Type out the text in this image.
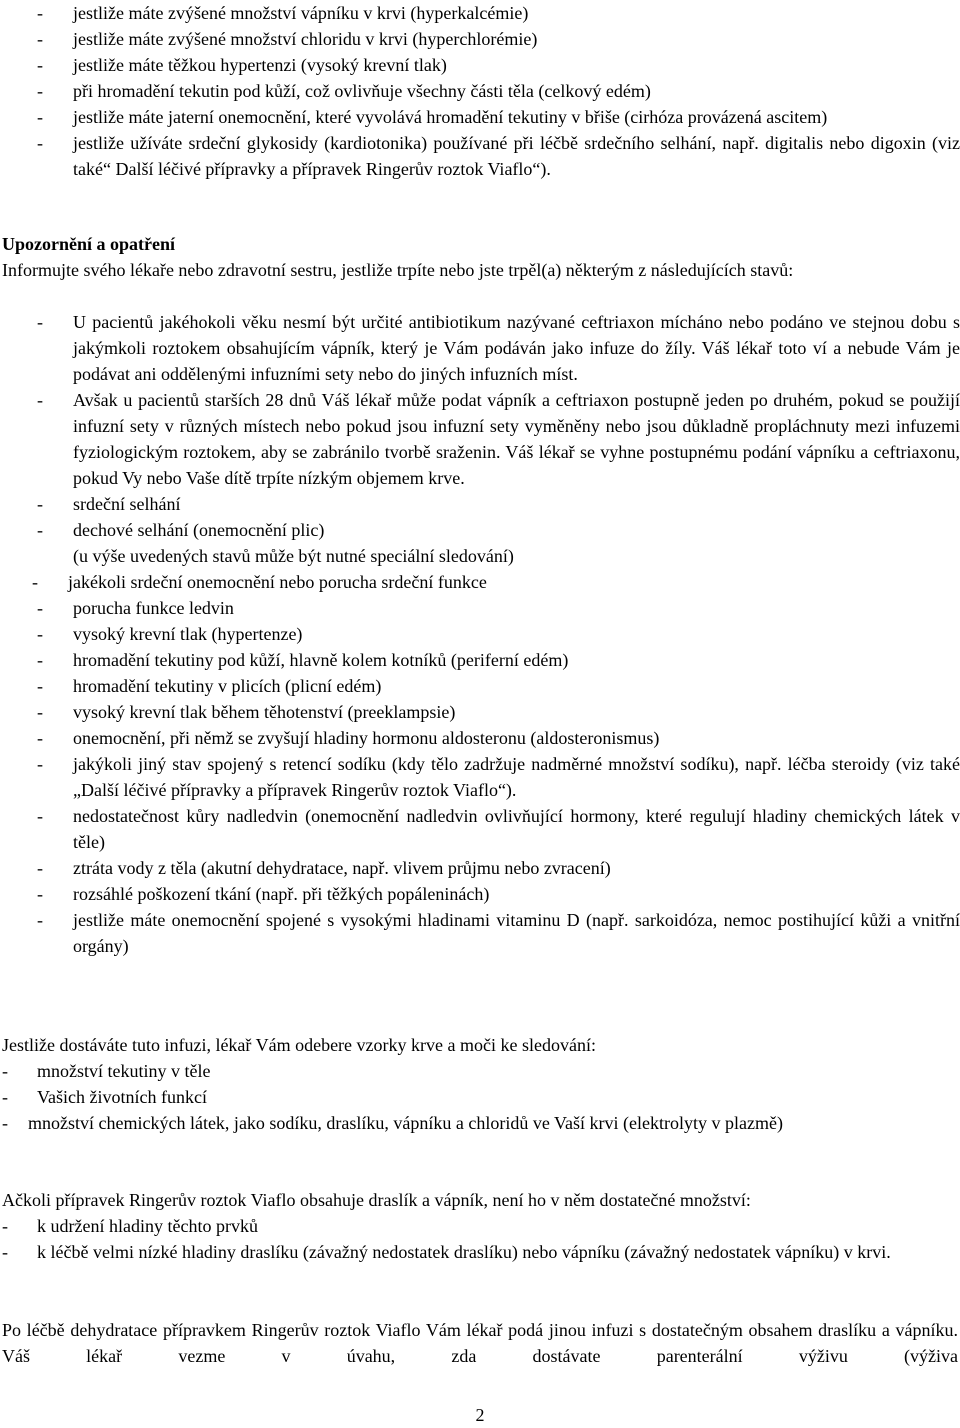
- jestliže máte zvýšené množství vápníku v krvi (hyperkalcémie)
- jestliže máte zvýšené množství chloridu v krvi (hyperchlorémie)
- jestliže máte těžkou hypertenzi (vysoký krevní tlak)
- při hromadění tekutin pod kůží, což ovlivňuje všechny části těla (celkový edém)
- jestliže máte jaterní onemocnění, které vyvolává hromadění tekutiny v břiše (cirhóza provázená ascitem)
- jestliže užíváte srdeční glykosidy (kardiotonika) používané při léčbě srdečního selhání, např. digitalis nebo digoxin (viz také“ Další léčivé přípravky a přípravek Ringerův roztok Viaflo“).
Upozornění a opatření
Informujte svého lékaře nebo zdravotní sestru, jestliže trpíte nebo jste trpěl(a) některým z následujících stavů:
- U pacientů jakéhokoli věku nesmí být určité antibiotikum nazývané ceftriaxon mícháno nebo podáno ve stejnou dobu s jakýmkoli roztokem obsahujícím vápník, který je Vám podáván jako infuze do žíly. Váš lékař toto ví a nebude Vám je podávat ani oddělenými infuzními sety nebo do jiných infuzních míst.
- Avšak u pacientů starších 28 dnů Váš lékař může podat vápník a ceftriaxon postupně jeden po druhém, pokud se použijí infuzní sety v různých místech nebo pokud jsou infuzní sety vyměněny nebo jsou důkladně propláchnuty mezi infuzemi fyziologickým roztokem, aby se zabránilo tvorbě sraženin. Váš lékař se vyhne postupnému podání vápníku a ceftriaxonu, pokud Vy nebo Vaše dítě trpíte nízkým objemem krve.
- srdeční selhání
- dechové selhání (onemocnění plic)
(u výše uvedených stavů může být nutné speciální sledování)
- jakékoli srdeční onemocnění nebo porucha srdeční funkce
- porucha funkce ledvin
- vysoký krevní tlak (hypertenze)
- hromadění tekutiny pod kůží, hlavně kolem kotníků (periferní edém)
- hromadění tekutiny v plicích (plicní edém)
- vysoký krevní tlak během těhotenství (preeklampsie)
- onemocnění, při němž se zvyšují hladiny hormonu aldosteronu (aldosteronismus)
- jakýkoli jiný stav spojený s retencí sodíku (kdy tělo zadržuje nadměrné množství sodíku), např. léčba steroidy (viz také „Další léčivé přípravky a přípravek Ringerův roztok Viaflo“).
- nedostatečnost kůry nadledvin (onemocnění nadledvin ovlivňující hormony, které regulují hladiny chemických látek v těle)
- ztráta vody z těla (akutní dehydratace, např. vlivem průjmu nebo zvracení)
- rozsáhlé poškození tkání (např. při těžkých popáleninách)
- jestliže máte onemocnění spojené s vysokými hladinami vitaminu D (např. sarkoidóza, nemoc postihující kůži a vnitřní orgány)
Jestliže dostáváte tuto infuzi, lékař Vám odebere vzorky krve a moči ke sledování:
- množství tekutiny v těle
- Vašich životních funkcí
- množství chemických látek, jako sodíku, draslíku, vápníku a chloridů ve Vaší krvi (elektrolyty v plazmě)
Ačkoli přípravek Ringerův roztok Viaflo obsahuje draslík a vápník, není ho v něm dostatečné množství:
- k udržení hladiny těchto prvků
- k léčbě velmi nízké hladiny draslíku (závažný nedostatek draslíku) nebo vápníku (závažný nedostatek vápníku) v krvi.
Po léčbě dehydratace přípravkem Ringerův roztok Viaflo Vám lékař podá jinou infuzi s dostatečným obsahem draslíku a vápníku. Váš lékař vezme v úvahu, zda dostávate parenterální výživu (výživa
2
